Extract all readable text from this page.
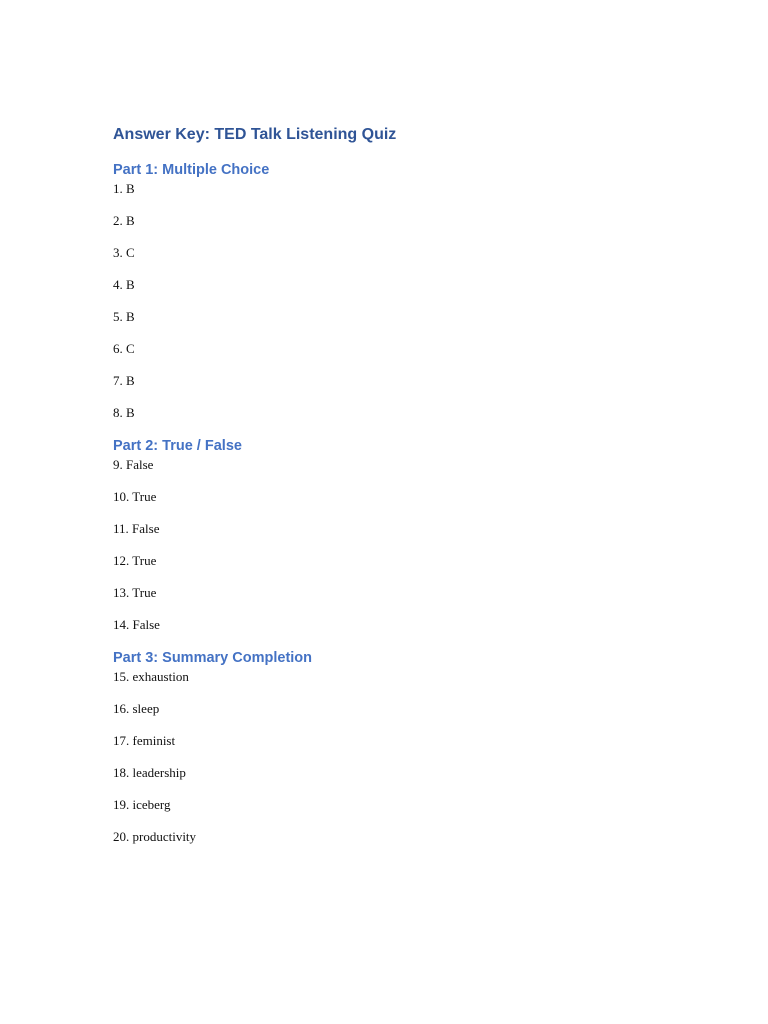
Answer Key: TED Talk Listening Quiz
Part 1: Multiple Choice
1. B
2. B
3. C
4. B
5. B
6. C
7. B
8. B
Part 2: True / False
9. False
10. True
11. False
12. True
13. True
14. False
Part 3: Summary Completion
15. exhaustion
16. sleep
17. feminist
18. leadership
19. iceberg
20. productivity
